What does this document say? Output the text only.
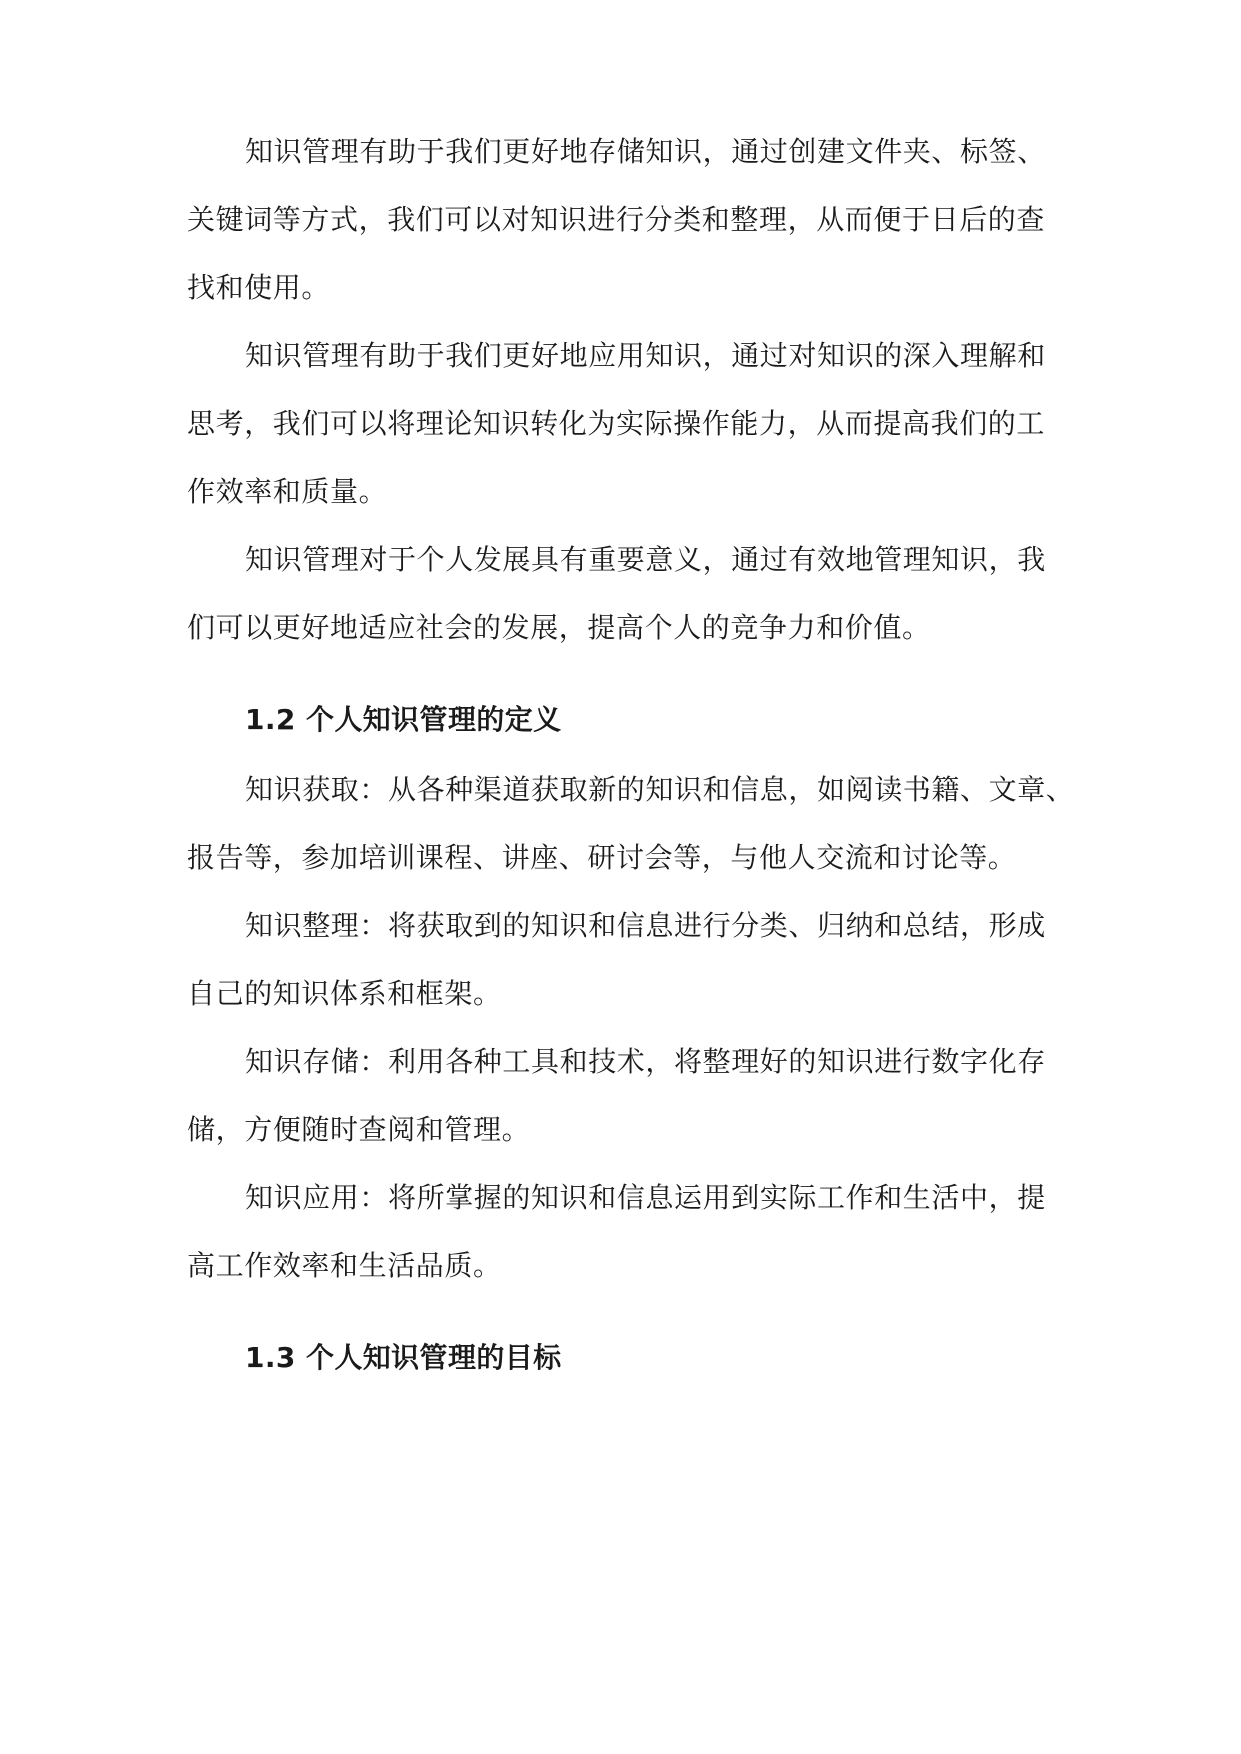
知识管理有助于我们更好地存储知识，通过创建文件夹、标签、
关键词等方式，我们可以对知识进行分类和整理，从而便于日后的查
找和使用。
知识管理有助于我们更好地应用知识，通过对知识的深入理解和
思考，我们可以将理论知识转化为实际操作能力，从而提高我们的工
作效率和质量。
知识管理对于个人发展具有重要意义，通过有效地管理知识，我
们可以更好地适应社会的发展，提高个人的竞争力和价值。
1.2 个人知识管理的定义
知识获取：从各种渠道获取新的知识和信息，如阅读书籍、文章、
报告等，参加培训课程、讲座、研讨会等，与他人交流和讨论等。
知识整理：将获取到的知识和信息进行分类、归纳和总结，形成
自己的知识体系和框架。
知识存储：利用各种工具和技术，将整理好的知识进行数字化存
储，方便随时查阅和管理。
知识应用：将所掌握的知识和信息运用到实际工作和生活中，提
高工作效率和生活品质。
1.3 个人知识管理的目标
